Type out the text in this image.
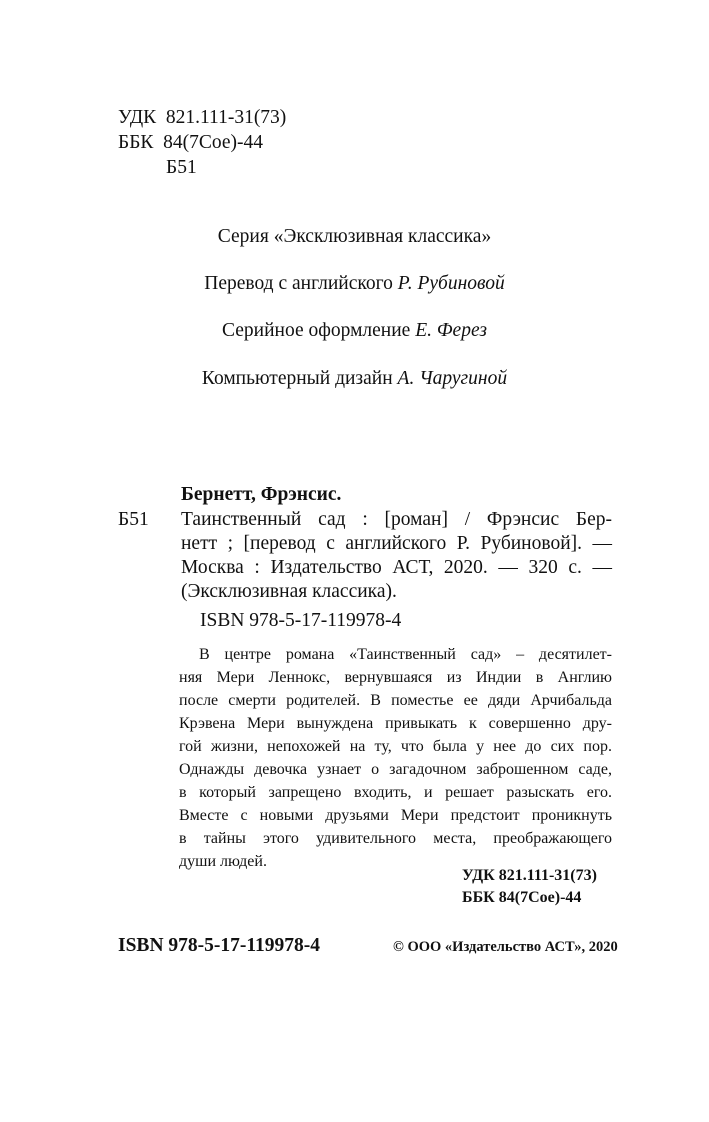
УДК  821.111-31(73)
ББК  84(7Сое)-44
Б51
Серия «Эксклюзивная классика»
Перевод с английского Р. Рубиновой
Серийное оформление Е. Ферез
Компьютерный дизайн А. Чаругиной
Бернетт, Фрэнсис.
Б51 Таинственный сад : [роман] / Фрэнсис Бер-
нетт ; [перевод с английского Р. Рубиновой]. —
Москва : Издательство АСТ, 2020. — 320 с. —
(Эксклюзивная классика).
ISBN 978-5-17-119978-4
В центре романа «Таинственный сад» – десятилет-
няя Мери Леннокс, вернувшаяся из Индии в Англию
после смерти родителей. В поместье ее дяди Арчибальда
Крэвена Мери вынуждена привыкать к совершенно дру-
гой жизни, непохожей на ту, что была у нее до сих пор.
Однажды девочка узнает о загадочном заброшенном саде,
в который запрещено входить, и решает разыскать его.
Вместе с новыми друзьями Мери предстоит проникнуть
в тайны этого удивительного места, преображающего
души людей.
УДК 821.111-31(73)
ББК 84(7Сое)-44
ISBN 978-5-17-119978-4	© ООО «Издательство АСТ», 2020
